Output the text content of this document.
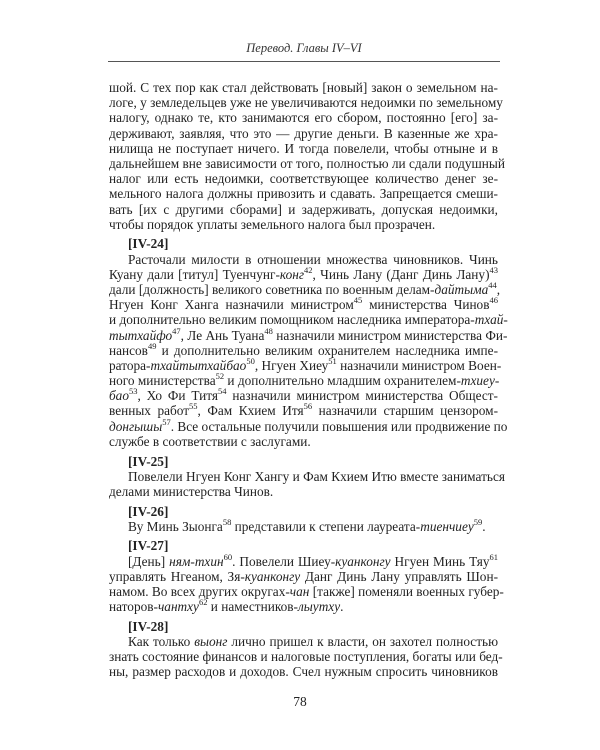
Перевод. Главы IV–VI
шой. С тех пор как стал действовать [новый] закон о земельном на-
логе, у земледельцев уже не увеличиваются недоимки по земельному
налогу, однако те, кто занимаются его сбором, постоянно [его] за-
держивают, заявляя, что это — другие деньги. В казенные же хра-
нилища не поступает ничего. И тогда повелели, чтобы отныне и в
дальнейшем вне зависимости от того, полностью ли сдали подушный
налог или есть недоимки, соответствующее количество денег зе-
мельного налога должны привозить и сдавать. Запрещается смеши-
вать [их с другими сборами] и задерживать, допуская недоимки,
чтобы порядок уплаты земельного налога был прозрачен.
[IV-24]
Расточали милости в отношении множества чиновников. Чинь
Куану дали [титул] Туенчунг-конг$^{42}$, Чинь Лану (Данг Динь Лану)$^{43}$
дали [должность] великого советника по военным делам-дайтыма$^{44}$,
Нгуен Конг Ханга назначили министром$^{45}$ министерства Чинов$^{46}$
и дополнительно великим помощником наследника императора-тхай-
тытхайфо$^{47}$, Ле Ань Туана$^{48}$ назначили министром министерства Фи-
нансов$^{49}$ и дополнительно великим охранителем наследника импе-
ратора-тхайтытхайбао$^{50}$, Нгуен Хиеу$^{51}$ назначили министром Воен-
ного министерства$^{52}$ и дополнительно младшим охранителем-тхиеу-
бао$^{53}$, Хо Фи Титя$^{54}$ назначили министром министерства Общест-
венных работ$^{55}$, Фам Кхием Итя$^{56}$ назначили старшим цензором-
донгышы$^{57}$. Все остальные получили повышения или продвижение по
службе в соответствии с заслугами.
[IV-25]
Повелели Нгуен Конг Хангу и Фам Кхием Итю вместе заниматься
делами министерства Чинов.
[IV-26]
Ву Минь Зыонга$^{58}$ представили к степени лауреата-тиенчиеу$^{59}$.
[IV-27]
[День] ням-тхин$^{60}$. Повелели Шиеу-куанконгу Нгуен Минь Тяу$^{61}$
управлять Нгеаном, Зя-куанконгу Данг Динь Лану управлять Шон-
намом. Во всех других округах-чан [также] поменяли военных губер-
наторов-чантху$^{62}$ и наместников-лыутху.
[IV-28]
Как только выонг лично пришел к власти, он захотел полностью
знать состояние финансов и налоговые поступления, богаты или бед-
ны, размер расходов и доходов. Счел нужным спросить чиновников
78
